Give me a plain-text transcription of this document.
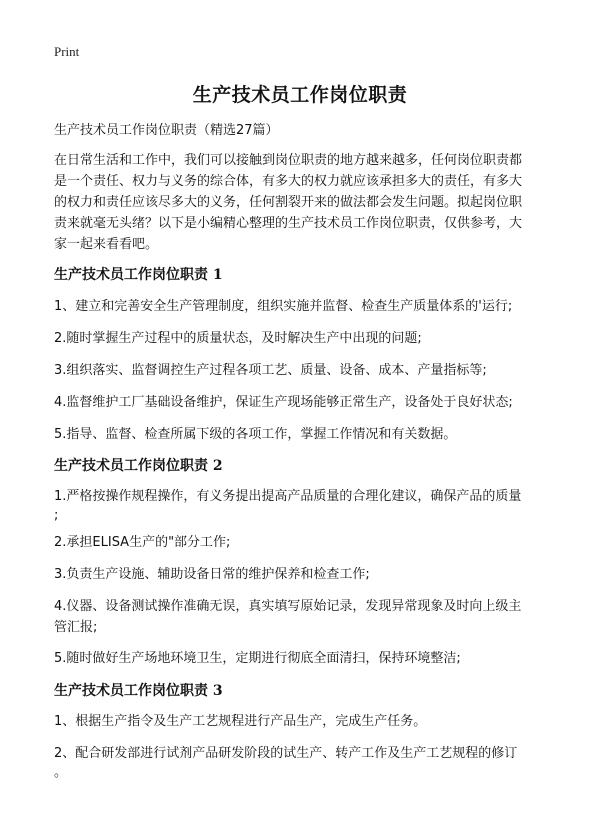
Print
生产技术员工作岗位职责
生产技术员工作岗位职责（精选27篇）
在日常生活和工作中，我们可以接触到岗位职责的地方越来越多，任何岗位职责都
是一个责任、权力与义务的综合体，有多大的权力就应该承担多大的责任，有多大
的权力和责任应该尽多大的义务，任何割裂开来的做法都会发生问题。拟起岗位职
责来就毫无头绪？以下是小编精心整理的生产技术员工作岗位职责，仅供参考，大
家一起来看看吧。
生产技术员工作岗位职责 1
1、建立和完善安全生产管理制度，组织实施并监督、检查生产质量体系的'运行;
2.随时掌握生产过程中的质量状态，及时解决生产中出现的问题;
3.组织落实、监督调控生产过程各项工艺、质量、设备、成本、产量指标等;
4.监督维护工厂基础设备维护，保证生产现场能够正常生产，设备处于良好状态;
5.指导、监督、检查所属下级的各项工作，掌握工作情况和有关数据。
生产技术员工作岗位职责 2
1.严格按操作规程操作，有义务提出提高产品质量的合理化建议，确保产品的质量
;
2.承担ELISA生产的"部分工作;
3.负责生产设施、辅助设备日常的维护保养和检查工作;
4.仪器、设备测试操作准确无误，真实填写原始记录，发现异常现象及时向上级主
管汇报;
5.随时做好生产场地环境卫生，定期进行彻底全面清扫，保持环境整洁;
生产技术员工作岗位职责 3
1、根据生产指令及生产工艺规程进行产品生产，完成生产任务。
2、配合研发部进行试剂产品研发阶段的试生产、转产工作及生产工艺规程的修订
。
